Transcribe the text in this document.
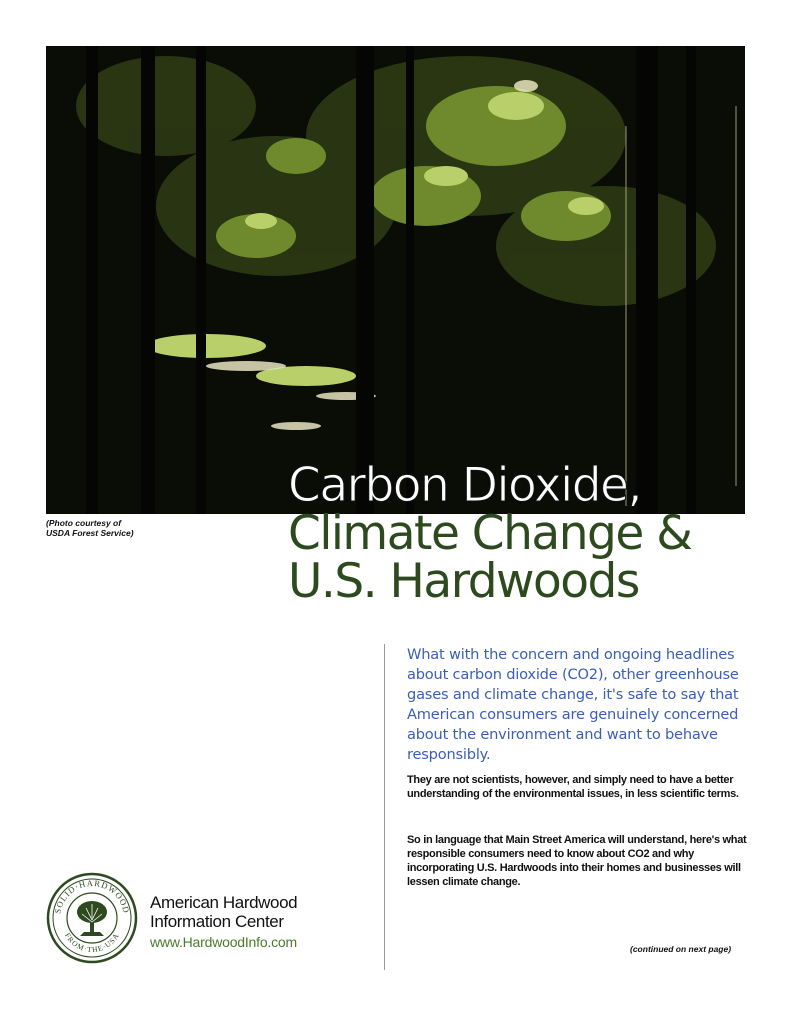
(Photo courtesy of
USDA Forest Service)
Carbon Dioxide,
Climate Change &
U.S. Hardwoods

What with the concern and ongoing headlines about carbon dioxide (CO2), other greenhouse gases and climate change, it's safe to say that American consumers are genuinely concerned about the environment and want to behave responsibly.

They are not scientists, however, and simply need to have a better understanding of the environmental issues, in less scientific terms.

So in language that Main Street America will understand, here's what responsible consumers need to know about CO2 and why incorporating U.S. Hardwoods into their homes and businesses will lessen climate change.

(continued on next page)
SOLID·HARDWOOD
FROM·THE·USA
American Hardwood
Information Center
www.HardwoodInfo.com
